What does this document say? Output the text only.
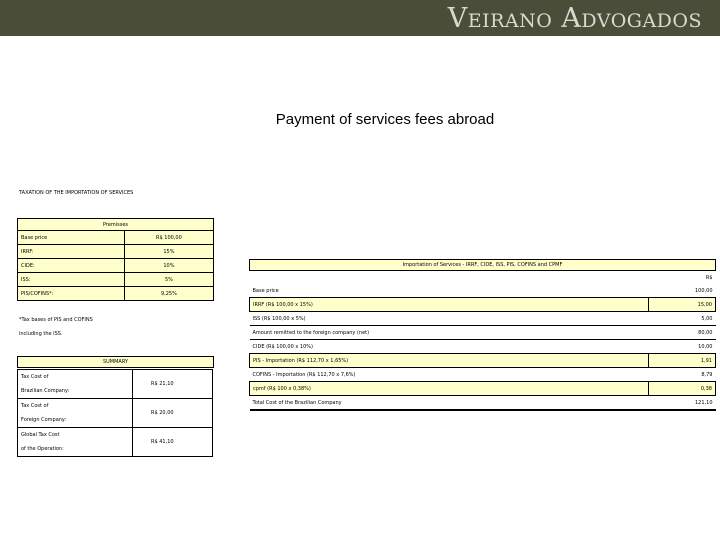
Veirano Advogados
Payment of services fees abroad
TAXATION OF THE IMPORTATION OF SERVICES
Premisses	
Base price	R$ 100,00
IRRF:	15%
CIDE:	10%
ISS:	5%
PIS/COFINS*:	9,25%
*Tax bases of PIS and COFINS
including the ISS.
SUMMARY
Tax Cost of
Brazilian Company:	R$ 21,10

Tax Cost of
Foreign Company:	R$ 20,00

Global Tax Cost
of the Operation:	R$ 41,10
Importation of Services - IRRF, CIDE, ISS, PIS, COFINS and CPMF
	R$
Base price	100,00
IRRF (R$ 100,00 x 15%)	15,00
ISS (R$ 100,00 x 5%)	5,00
Amount remitted to the foreign company (net)	80,00
CIDE (R$ 100,00 x 10%)	10,00
PIS - Importation (R$ 112,70 x 1,65%)	1,91
COFINS - Importation (R$ 112,70 x 7,6%)	8,79
cpmf (R$ 100 x 0,38%)	0,38
Total Cost of the Brazilian Company	121,10
